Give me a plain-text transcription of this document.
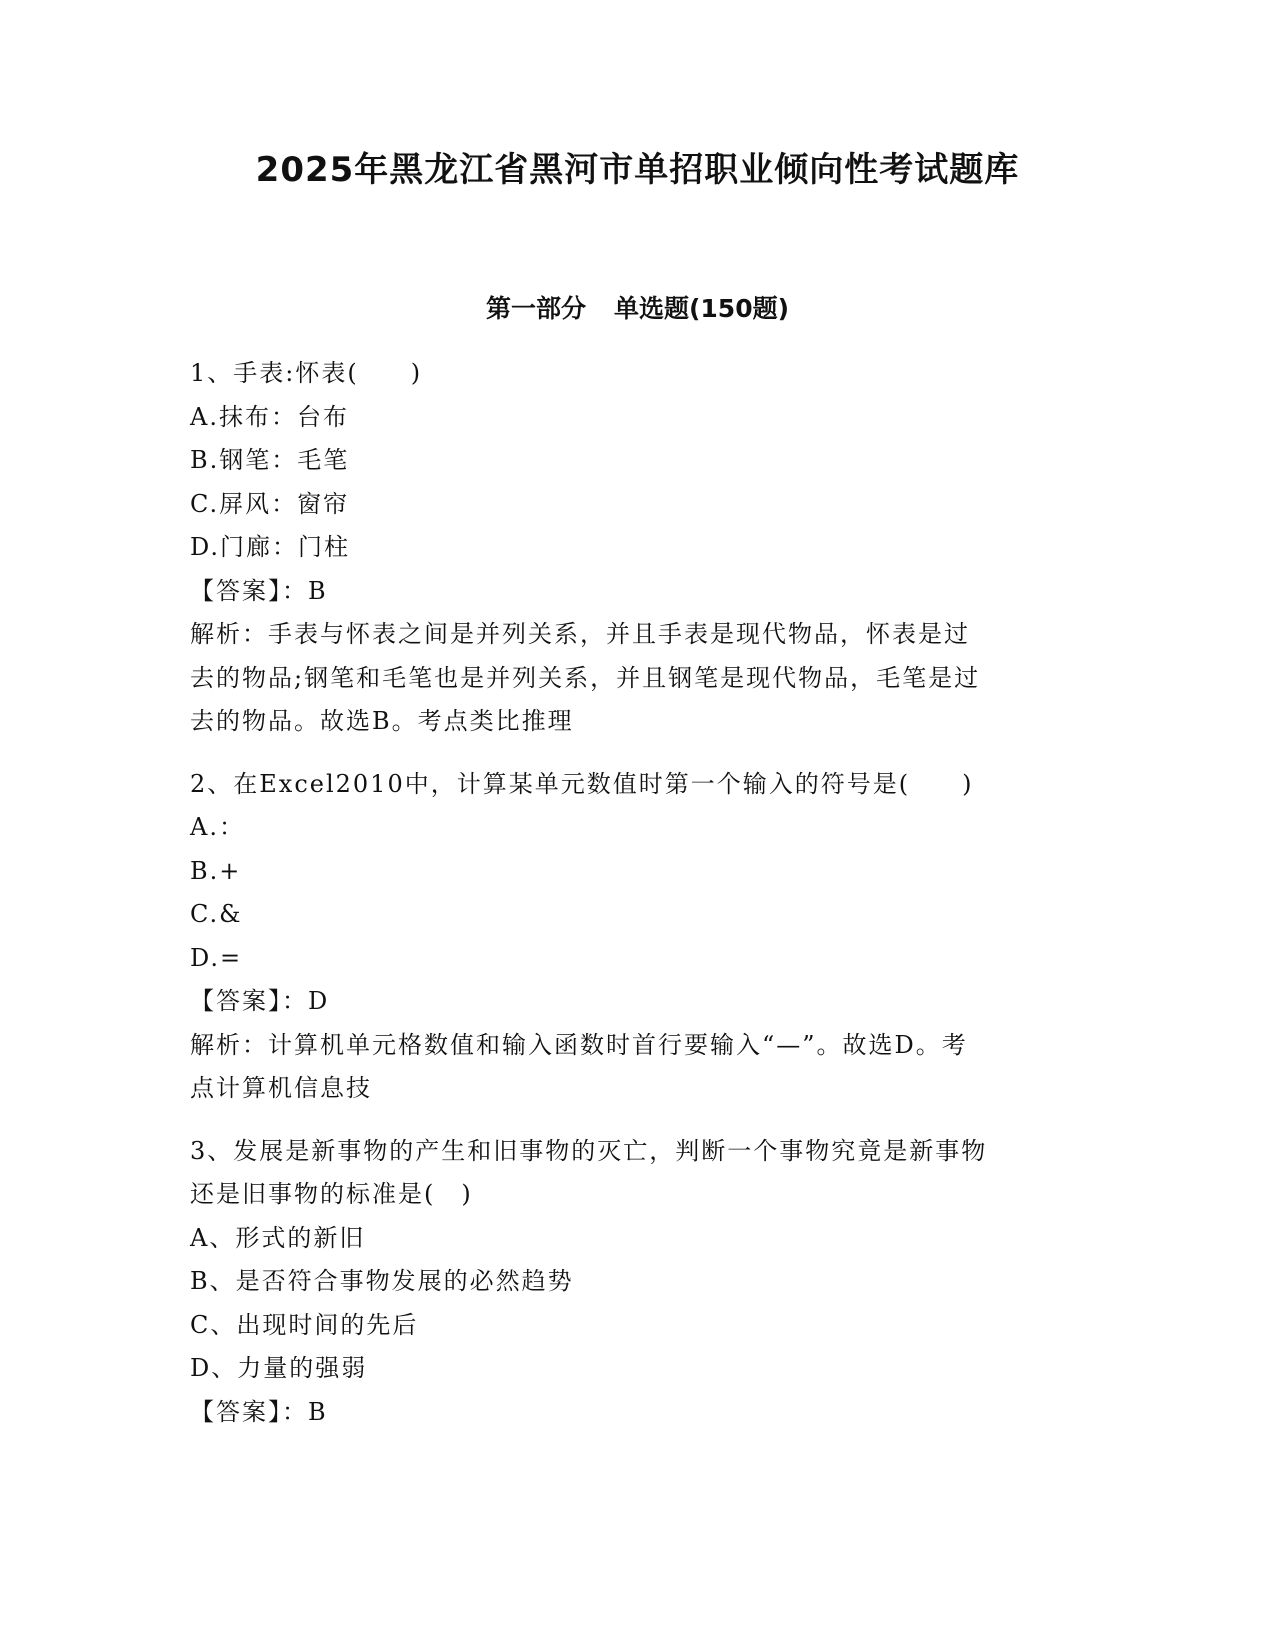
2025年黑龙江省黑河市单招职业倾向性考试题库
第一部分 单选题(150题)
1、手表:怀表(　　)
A.抹布：台布
B.钢笔：毛笔
C.屏风：窗帘
D.门廊：门柱
【答案】：B
解析：手表与怀表之间是并列关系，并且手表是现代物品，怀表是过
去的物品;钢笔和毛笔也是并列关系，并且钢笔是现代物品，毛笔是过
去的物品。故选B。考点类比推理
2、在Excel2010中，计算某单元数值时第一个输入的符号是(　　)
A.：
B.+
C.&
D.=
【答案】：D
解析：计算机单元格数值和输入函数时首行要输入“—”。故选D。考
点计算机信息技
3、发展是新事物的产生和旧事物的灭亡，判断一个事物究竟是新事物
还是旧事物的标准是(　)
A、形式的新旧
B、是否符合事物发展的必然趋势
C、出现时间的先后
D、力量的强弱
【答案】：B
